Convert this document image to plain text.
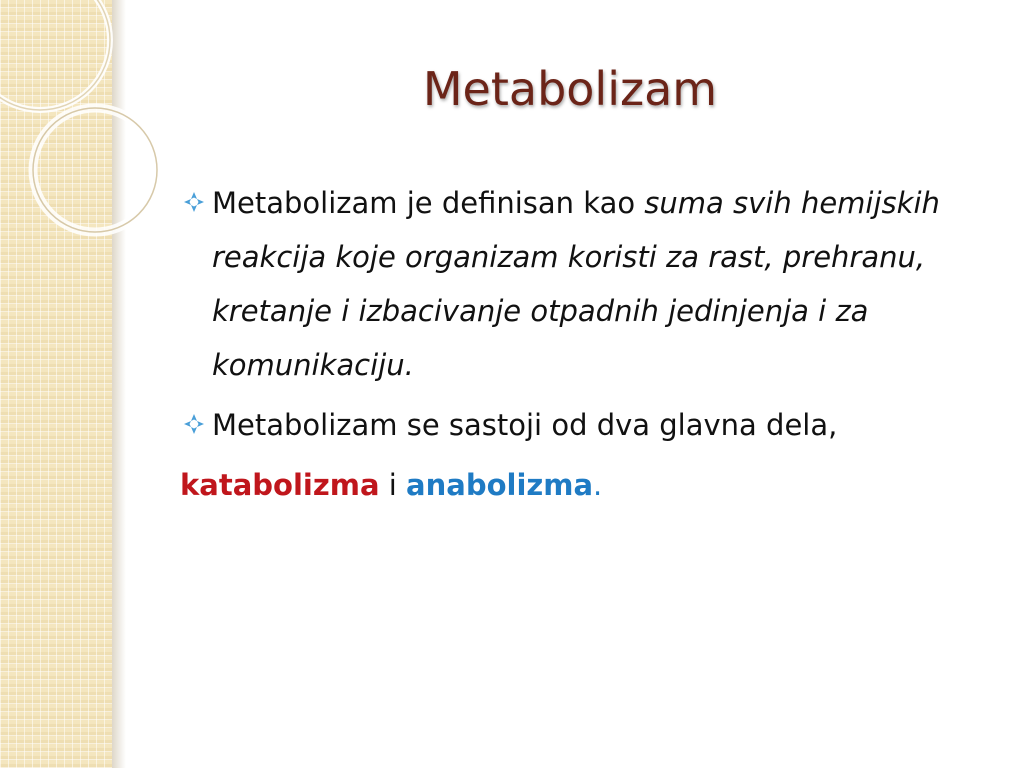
Metabolizam
Metabolizam je definisan kao suma svih hemijskih reakcija koje organizam koristi za rast, prehranu, kretanje i izbacivanje otpadnih jedinjenja i za komunikaciju.
Metabolizam se sastoji od dva glavna dela,
katabolizma i anabolizma.
